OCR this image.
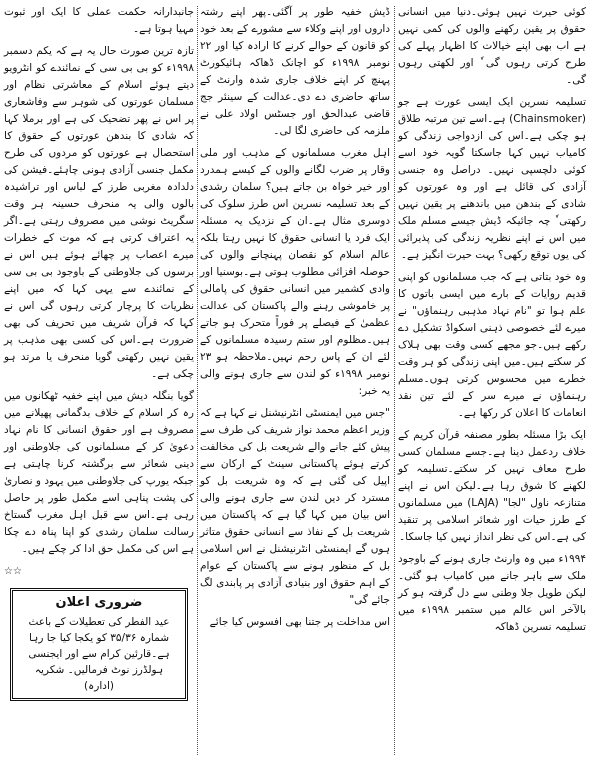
کوئی حیرت نہیں ہوئی۔دنیا میں انسانی حقوق پر یقین رکھنے والوں کی کمی نہیں ہے اب بھی اپنے خیالات کا اظہار پہلے کی طرح کرتی رہوں گی ٗ اور لکھتی رہوں گی۔

تسلیمہ نسرین ایک ایسی عورت ہے جو (Chainsmoker) ہے۔اسے تین مرتبہ طلاق ہو چکی ہے۔اس کی ازدواجی زندگی کو کامیاب نہیں کہا جاسکتا گویہ خود اسے کوئی دلچسپی نہیں۔ دراصل وہ جنسی آزادی کی قائل ہے اور وہ عورتوں کو شادی کے بندھن میں باندھنے پر یقین نہیں رکھتی ٗ چہ جائیکہ ڈیش جیسے مسلم ملک میں اس نے اپنے نظریہ زندگی کی پذیرائی کی یوں توقع رکھی؟ بہت حیرت انگیز ہے۔

وہ خود بتاتی ہے کہ جب مسلمانوں کو اپنی قدیم روایات کے بارے میں ایسی باتوں کا علم ہوا تو "نام نہاد مذہبی رہنماؤں" نے میرے لئے خصوصی ذہنی اسکواڈ تشکیل دے رکھے ہیں۔جو مجھے کسی وقت بھی ہلاک کر سکتے ہیں۔میں اپنی زندگی کو ہر وقت خطرے میں محسوس کرتی ہوں۔مسلم رہنماؤں نے میرے سر کے لئے تین نقد انعامات کا اعلان کر رکھا ہے۔

ایک بڑا مسئلہ بطور مصنفہ قرآن کریم کے خلاف ردعمل دینا ہے۔جسے مسلمان کسی طرح معاف نہیں کر سکتے۔تسلیمہ کو لکھنے کا شوق رہا ہے۔لیکن اس نے اپنے متنازعہ ناول "لجا" (LAJA) میں مسلمانوں کے طرز حیات اور شعائر اسلامی پر تنقید کی ہے۔اس کی نظر انداز نہیں کیا جاسکا۔

۱۹۹۴ء میں وہ وارنٹ جاری ہونے کے باوجود ملک سے باہر جانے میں کامیاب ہو گئی۔لیکن طویل جلا وطنی سے دل گرفتہ ہو کر بالآخر اس عالم میں ستمبر ۱۹۹۸ء میں تسلیمہ نسرین ڈھاکہ

ڈیش خفیہ طور پر آگئی۔پھر اپنے رشتہ داروں اور اپنے وکلاء سے مشورے کے بعد خود کو قانون کے حوالے کرنے کا ارادہ کیا اور ۲۲ نومبر ۱۹۹۸ء کو اچانک ڈھاکہ ہائیکورٹ پہنچ کر اپنے خلاف جاری شدہ وارنٹ کے ساتھ حاضری دے دی۔عدالت کے سینئر جج قاضی عبدالحق اور جسٹس اولاد علی نے ملزمہ کی حاضری لگا لی۔

اہل مغرب مسلمانوں کے مذہب اور ملی وقار پر ضرب لگانے والوں کے کیسے ہمدرد اور خیر خواہ بن جاتے ہیں؟ سلمان رشدی کے بعد تسلیمہ نسرین اس طرز سلوک کی دوسری مثال ہے۔ان کے نزدیک یہ مسئلہ ایک فرد یا انسانی حقوق کا نہیں رہتا بلکہ عالم اسلام کو نقصان پہنچانے والوں کی حوصلہ افزائی مطلوب ہوتی ہے۔بوسنیا اور وادی کشمیر میں انسانی حقوق کی پامالی پر خاموشی رہنے والے پاکستان کی عدالت عظمیٰ کے فیصلے پر فوراً متحرک ہو جاتے ہیں۔مظلوم اور ستم رسیدہ مسلمانوں کے لئے ان کے پاس رحم نہیں۔ملاحظہ ہو ۲۳ نومبر ۱۹۹۸ء کو لندن سے جاری ہونے والی یہ خبر:

"جس میں ایمنسٹی انٹرنیشنل نے کہا ہے کہ وزیر اعظم محمد نواز شریف کی طرف سے پیش کئے جانے والے شریعت بل کی مخالفت کرتے ہوئے پاکستانی سینٹ کے ارکان سے اپیل کی گئی ہے کہ وہ شریعت بل کو مسترد کر دیں لندن سے جاری ہونے والی اس بیان میں کہا گیا ہے کہ پاکستان میں شریعت بل کے نفاذ سے انسانی حقوق متاثر ہوں گے ایمنسٹی انٹرنیشنل نے اس اسلامی بل کے منظور ہونے سے پاکستان کے عوام کے اہم حقوق اور بنیادی آزادی پر پابندی لگ جائے گی"

اس مداخلت پر جتنا بھی افسوس کیا جائے

جانبدارانہ حکمت عملی کا ایک اور ثبوت مہیا ہوتا ہے۔

تازہ ترین صورت حال یہ ہے کہ یکم دسمبر ۱۹۹۸ء کو بی بی سی کے نمائندے کو انٹرویو دیتے ہوئے اسلام کے معاشرتی نظام اور مسلمان عورتوں کی شوہر سے وفاشعاری پر اس نے پھر تضحیک کی ہے اور برملا کہا کہ شادی کا بندھن عورتوں کے حقوق کا استحصال ہے عورتوں کو مردوں کی طرح مکمل جنسی آزادی ہونی چاہئے۔فیشن کی دلدادہ مغربی طرز کے لباس اور تراشیدہ بالوں والی یہ منحرف حسینہ ہر وقت سگریٹ نوشی میں مصروف رہتی ہے۔اگر یہ اعتراف کرتی ہے کہ موت کے خطرات میرے اعصاب پر چھائے ہوئے ہیں اس نے برسوں کی جلاوطنی کے باوجود بی بی سی کے نمائندے سے یہی کہا کہ میں اپنے نظریات کا پرچار کرتی رہوں گی اس نے کہا کہ قرآن شریف میں تحریف کی بھی ضرورت ہے۔اس کی کسی بھی مذہب پر یقین نہیں رکھتی گویا منحرف یا مرتد ہو چکی ہے۔

گویا بنگلہ دیش میں اپنے خفیہ ٹھکانوں میں رہ کر اسلام کے خلاف بدگمانی پھیلانے میں مصروف ہے اور حقوق انسانی کا نام نہاد دعویٰ کر کے مسلمانوں کی جلاوطنی اور دینی شعائر سے برگشتہ کرنا چاہتی ہے جبکہ یورپ کی جلاوطنی میں یہود و نصاریٰ کی پشت پناہی اسے مکمل طور پر حاصل رہی ہے۔اس سے قبل اہل مغرب گستاخ رسالت سلمان رشدی کو اپنا پناہ دے چکا ہے اس کی مکمل حق ادا کر چکے ہیں۔

☆☆
ضروری اعلان
عید الفطر کی تعطیلات کے باعث شمارہ ۳۵/۳۶ کو یکجا کیا جا رہا ہے۔قارئین کرام سے اور ایجنسی ہولڈرز نوٹ فرمالیں۔ شکریہ
(ادارہ)
